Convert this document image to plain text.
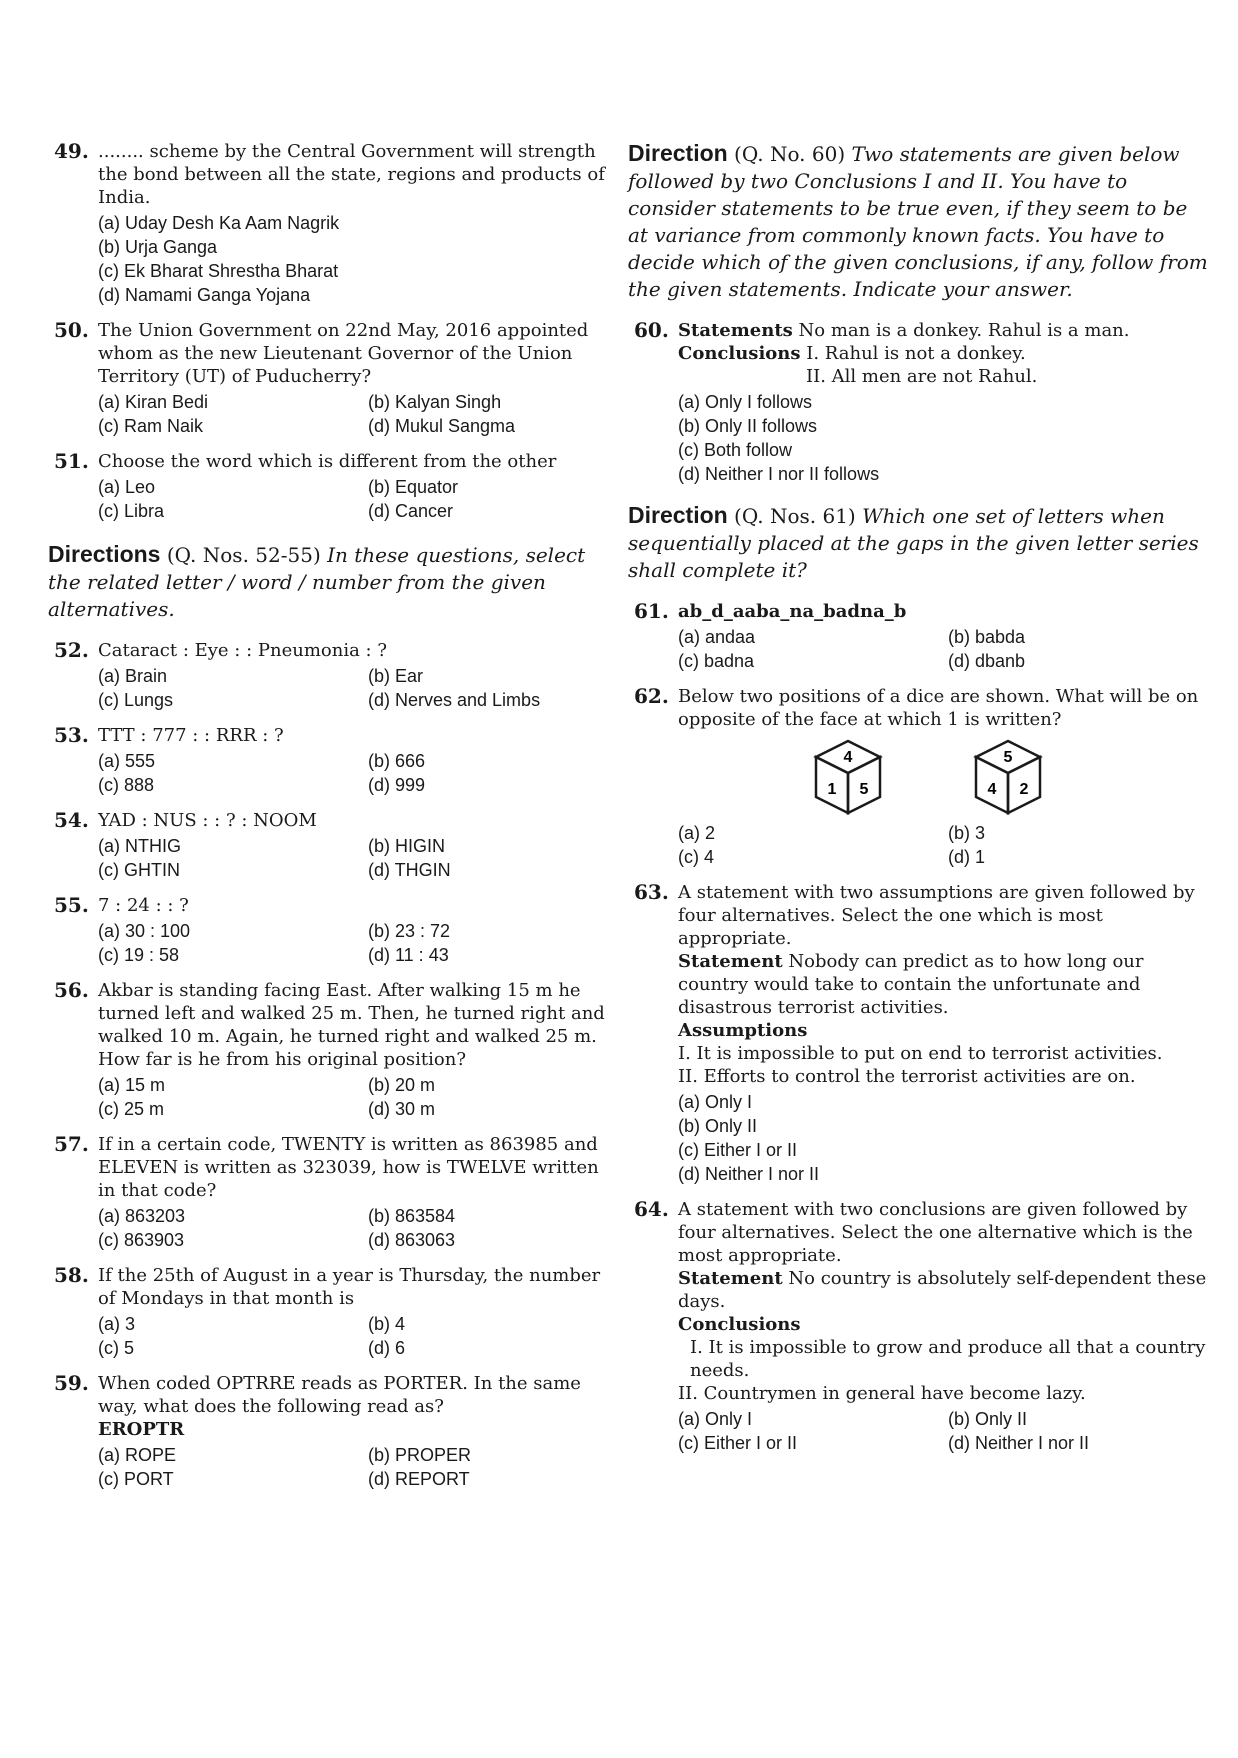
49. ........ scheme by the Central Government will strength the bond between all the state, regions and products of India.
(a) Uday Desh Ka Aam Nagrik
(b) Urja Ganga
(c) Ek Bharat Shrestha Bharat
(d) Namami Ganga Yojana
50. The Union Government on 22nd May, 2016 appointed whom as the new Lieutenant Governor of the Union Territory (UT) of Puducherry?
(a) Kiran Bedi	(b) Kalyan Singh
(c) Ram Naik	(d) Mukul Sangma
51. Choose the word which is different from the other
(a) Leo	(b) Equator
(c) Libra	(d) Cancer
Directions (Q. Nos. 52-55) In these questions, select the related letter / word / number from the given alternatives.
52. Cataract : Eye : : Pneumonia : ?
(a) Brain	(b) Ear
(c) Lungs	(d) Nerves and Limbs
53. TTT : 777 : : RRR : ?
(a) 555	(b) 666
(c) 888	(d) 999
54. YAD : NUS : : ? : NOOM
(a) NTHIG	(b) HIGIN
(c) GHTIN	(d) THGIN
55. 7 : 24 : : ?
(a) 30 : 100	(b) 23 : 72
(c) 19 : 58	(d) 11 : 43
56. Akbar is standing facing East. After walking 15 m he turned left and walked 25 m. Then, he turned right and walked 10 m. Again, he turned right and walked 25 m. How far is he from his original position?
(a) 15 m	(b) 20 m
(c) 25 m	(d) 30 m
57. If in a certain code, TWENTY is written as 863985 and ELEVEN is written as 323039, how is TWELVE written in that code?
(a) 863203	(b) 863584
(c) 863903	(d) 863063
58. If the 25th of August in a year is Thursday, the number of Mondays in that month is
(a) 3	(b) 4
(c) 5	(d) 6
59. When coded OPTRRE reads as PORTER. In the same way, what does the following read as?
EROPTR
(a) ROPE	(b) PROPER
(c) PORT	(d) REPORT
Direction (Q. No. 60) Two statements are given below followed by two Conclusions I and II. You have to consider statements to be true even, if they seem to be at variance from commonly known facts. You have to decide which of the given conclusions, if any, follow from the given statements. Indicate your answer.
60. Statements No man is a donkey. Rahul is a man.
Conclusions I. Rahul is not a donkey.
II. All men are not Rahul.
(a) Only I follows
(b) Only II follows
(c) Both follow
(d) Neither I nor II follows
Direction (Q. Nos. 61) Which one set of letters when sequentially placed at the gaps in the given letter series shall complete it?
61. ab_d_aaba_na_badna_b
(a) andaa	(b) babda
(c) badna	(d) dbanb
62. Below two positions of a dice are shown. What will be on opposite of the face at which 1 is written?
4
1 5
5
4 2
(a) 2	(b) 3
(c) 4	(d) 1
63. A statement with two assumptions are given followed by four alternatives. Select the one which is most appropriate.
Statement Nobody can predict as to how long our country would take to contain the unfortunate and disastrous terrorist activities.
Assumptions
I. It is impossible to put on end to terrorist activities.
II. Efforts to control the terrorist activities are on.
(a) Only I
(b) Only II
(c) Either I or II
(d) Neither I nor II
64. A statement with two conclusions are given followed by four alternatives. Select the one alternative which is the most appropriate.
Statement No country is absolutely self-dependent these days.
Conclusions
I. It is impossible to grow and produce all that a country needs.
II. Countrymen in general have become lazy.
(a) Only I	(b) Only II
(c) Either I or II	(d) Neither I nor II
